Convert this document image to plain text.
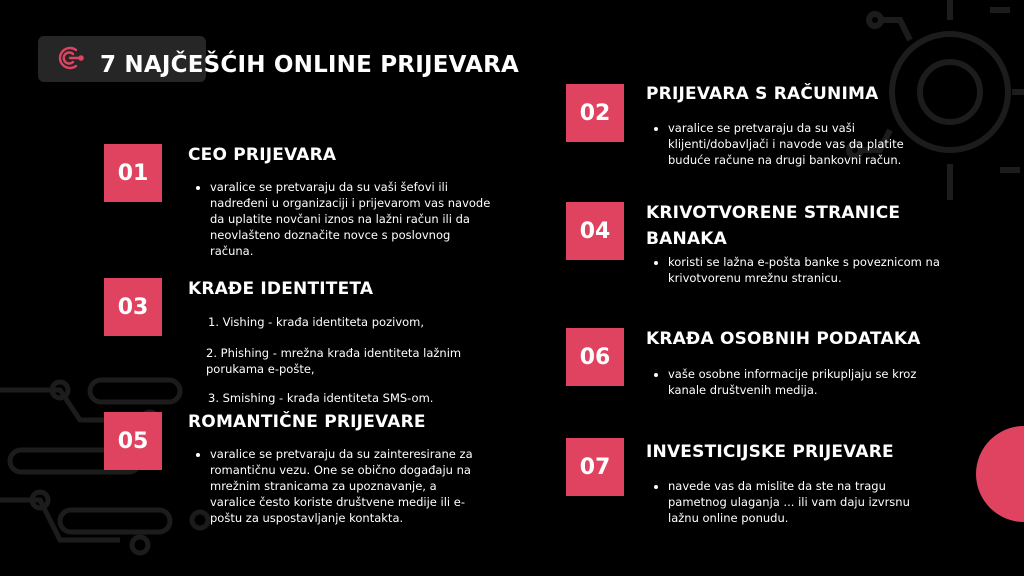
7 NAJČEŠĆIH ONLINE PRIJEVARA
01
CEO PRIJEVARA
• varalice se pretvaraju da su vaši šefovi ili nadređeni u organizaciji i prijevarom vas navode da uplatite novčani iznos na lažni račun ili da neovlašteno doznačite novce s poslovnog računa.
02
PRIJEVARA S RAČUNIMA
• varalice se pretvaraju da su vaši klijenti/dobavljači i navode vas da platite buduće račune na drugi bankovni račun.
03
KRAĐE IDENTITETA
1. Vishing - krađa identiteta pozivom,
2. Phishing - mrežna krađa identiteta lažnim porukama e-pošte,
3. Smishing - krađa identiteta SMS-om.
04
KRIVOTVORENE STRANICE BANAKA
• koristi se lažna e-pošta banke s poveznicom na krivotvorenu mrežnu stranicu.
05
ROMANTIČNE PRIJEVARE
• varalice se pretvaraju da su zainteresirane za romantičnu vezu. One se obično događaju na mrežnim stranicama za upoznavanje, a varalice često koriste društvene medije ili e-poštu za uspostavljanje kontakta.
06
KRAĐA OSOBNIH PODATAKA
• vaše osobne informacije prikupljaju se kroz kanale društvenih medija.
07
INVESTICIJSKE PRIJEVARE
• navede vas da mislite da ste na tragu pametnog ulaganja ... ili vam daju izvrsnu lažnu online ponudu.
